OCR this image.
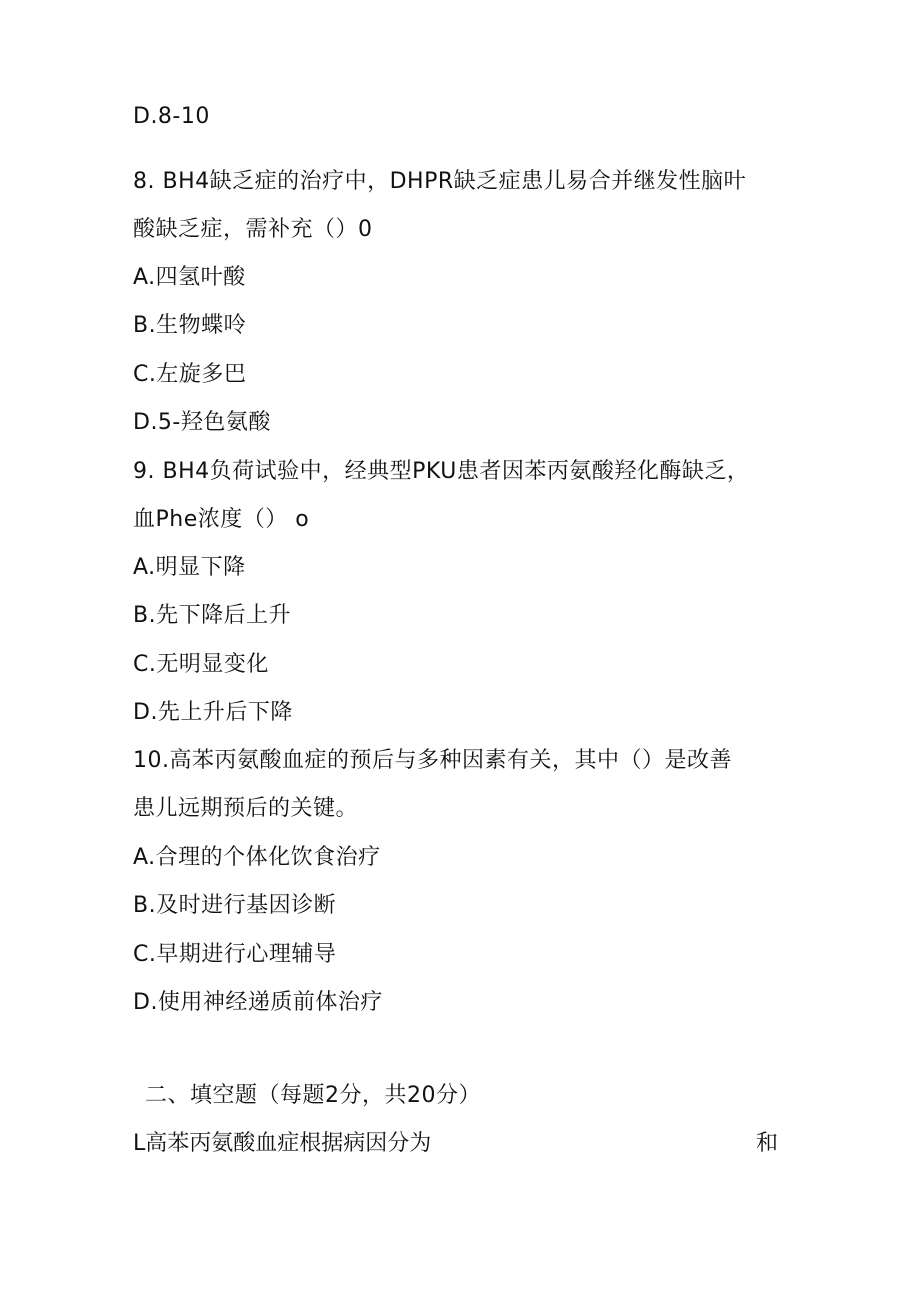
D.8-10
8. BH4缺乏症的治疗中，DHPR缺乏症患儿易合并继发性脑叶
酸缺乏症，需补充（）0
A.四氢叶酸
B.生物蝶呤
C.左旋多巴
D.5-羟色氨酸
9. BH4负荷试验中，经典型PKU患者因苯丙氨酸羟化酶缺乏，
血Phe浓度（） o
A.明显下降
B.先下降后上升
C.无明显变化
D.先上升后下降
10.高苯丙氨酸血症的预后与多种因素有关，其中（）是改善
患儿远期预后的关键。
A.合理的个体化饮食治疗
B.及时进行基因诊断
C.早期进行心理辅导
D.使用神经递质前体治疗
二、填空题（每题2分，共20分）
L高苯丙氨酸血症根据病因分为	和
